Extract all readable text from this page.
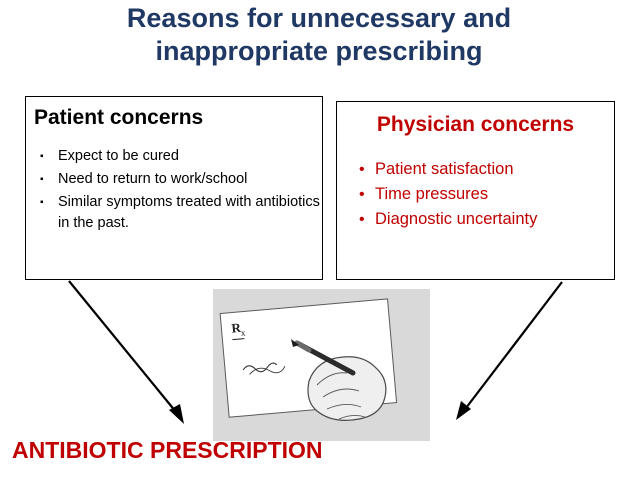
Reasons for unnecessary and inappropriate prescribing
Patient concerns
▪ Expect to be cured
▪ Need to return to work/school
▪ Similar symptoms treated with antibiotics in the past.
Physician concerns
• Patient satisfaction
• Time pressures
• Diagnostic uncertainty
R x
ANTIBIOTIC PRESCRIPTION
